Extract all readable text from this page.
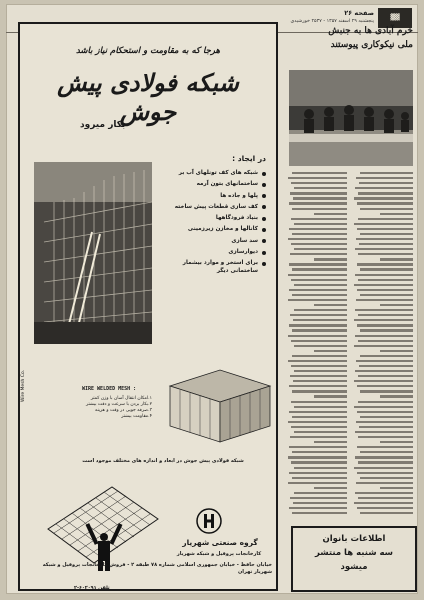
▓▓
صفحه ۲۶
پنجشنبه ۲۹ اسفند ۱۳۵۷ - ۲۵۳۷ خورشیدی
هرجا که به مقاومت و استحکام نیاز باشد
شبکه فولادی پیش جوش
بکار میرود
در ایجاد :
شبکه های کف تونلهای آب بر
ساختمانهای بتون آرمه
پلها و جاده ها
کف سازی قطعات پیش ساخته
بنیاد فرودگاهها
کانالها و مخازن زیرزمینی
سد سازی
دیوارسازی
برای استخر و موارد بیشمار ساختمانی دیگر
Wire Mesh Co.	WIRE WELDED MESH :
۱.امکان انتقال آسان با وزن کمتر
۲.بکار بردن با سرعت و دقت بیشتر
۳.صرفه جویی در وقت و هزینه
۴.مقاومت بیشتر
شبکه فولادی پیش جوش در ابعاد و اندازه های مختلف موجود است
گروه صنعتی شهریار
کارخانجات پروفیل و شبکه شهریار
خیابان حافظ - خیابان جمهوری اسلامی شماره ۷۸ طبقه ۲ - فروش کارخانجات پروفیل و شبکه شهریار تهران
تلفن ۶۰۲۰۹۱-۲
خرم آبادی ها به جنبش
ملی نیکوکاری پیوستند
اطلاعات بانوان
سه شنبه ها منتشر
میشود
